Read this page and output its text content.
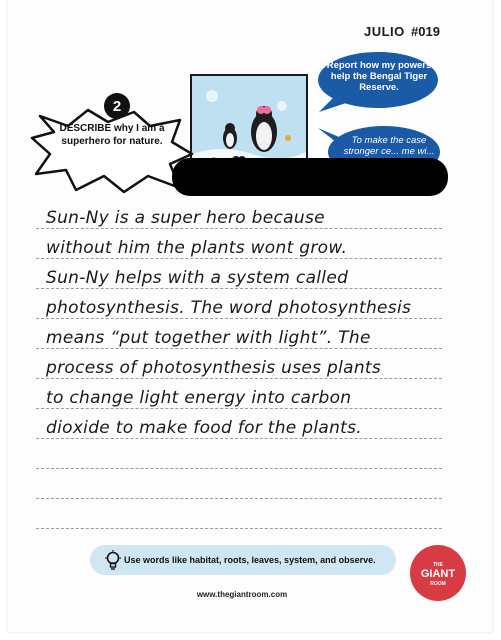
JULIO #019
Report how my powers help the Bengal Tiger Reserve.
To make the case stronger ce... me wi...
2
DESCRIBE why I am a superhero for nature.
Sun-Ny is a super hero because
without him the plants wont grow.
Sun-Ny helps with a system called
photosynthesis. The word photosynthesis
means “put together with light”. The
process of photosynthesis uses plants
to change light energy into carbon
dioxide to make food for the plants.
Use words like habitat, roots, leaves, system, and observe.
www.thegiantroom.com
THE
GIANT
ROOM
